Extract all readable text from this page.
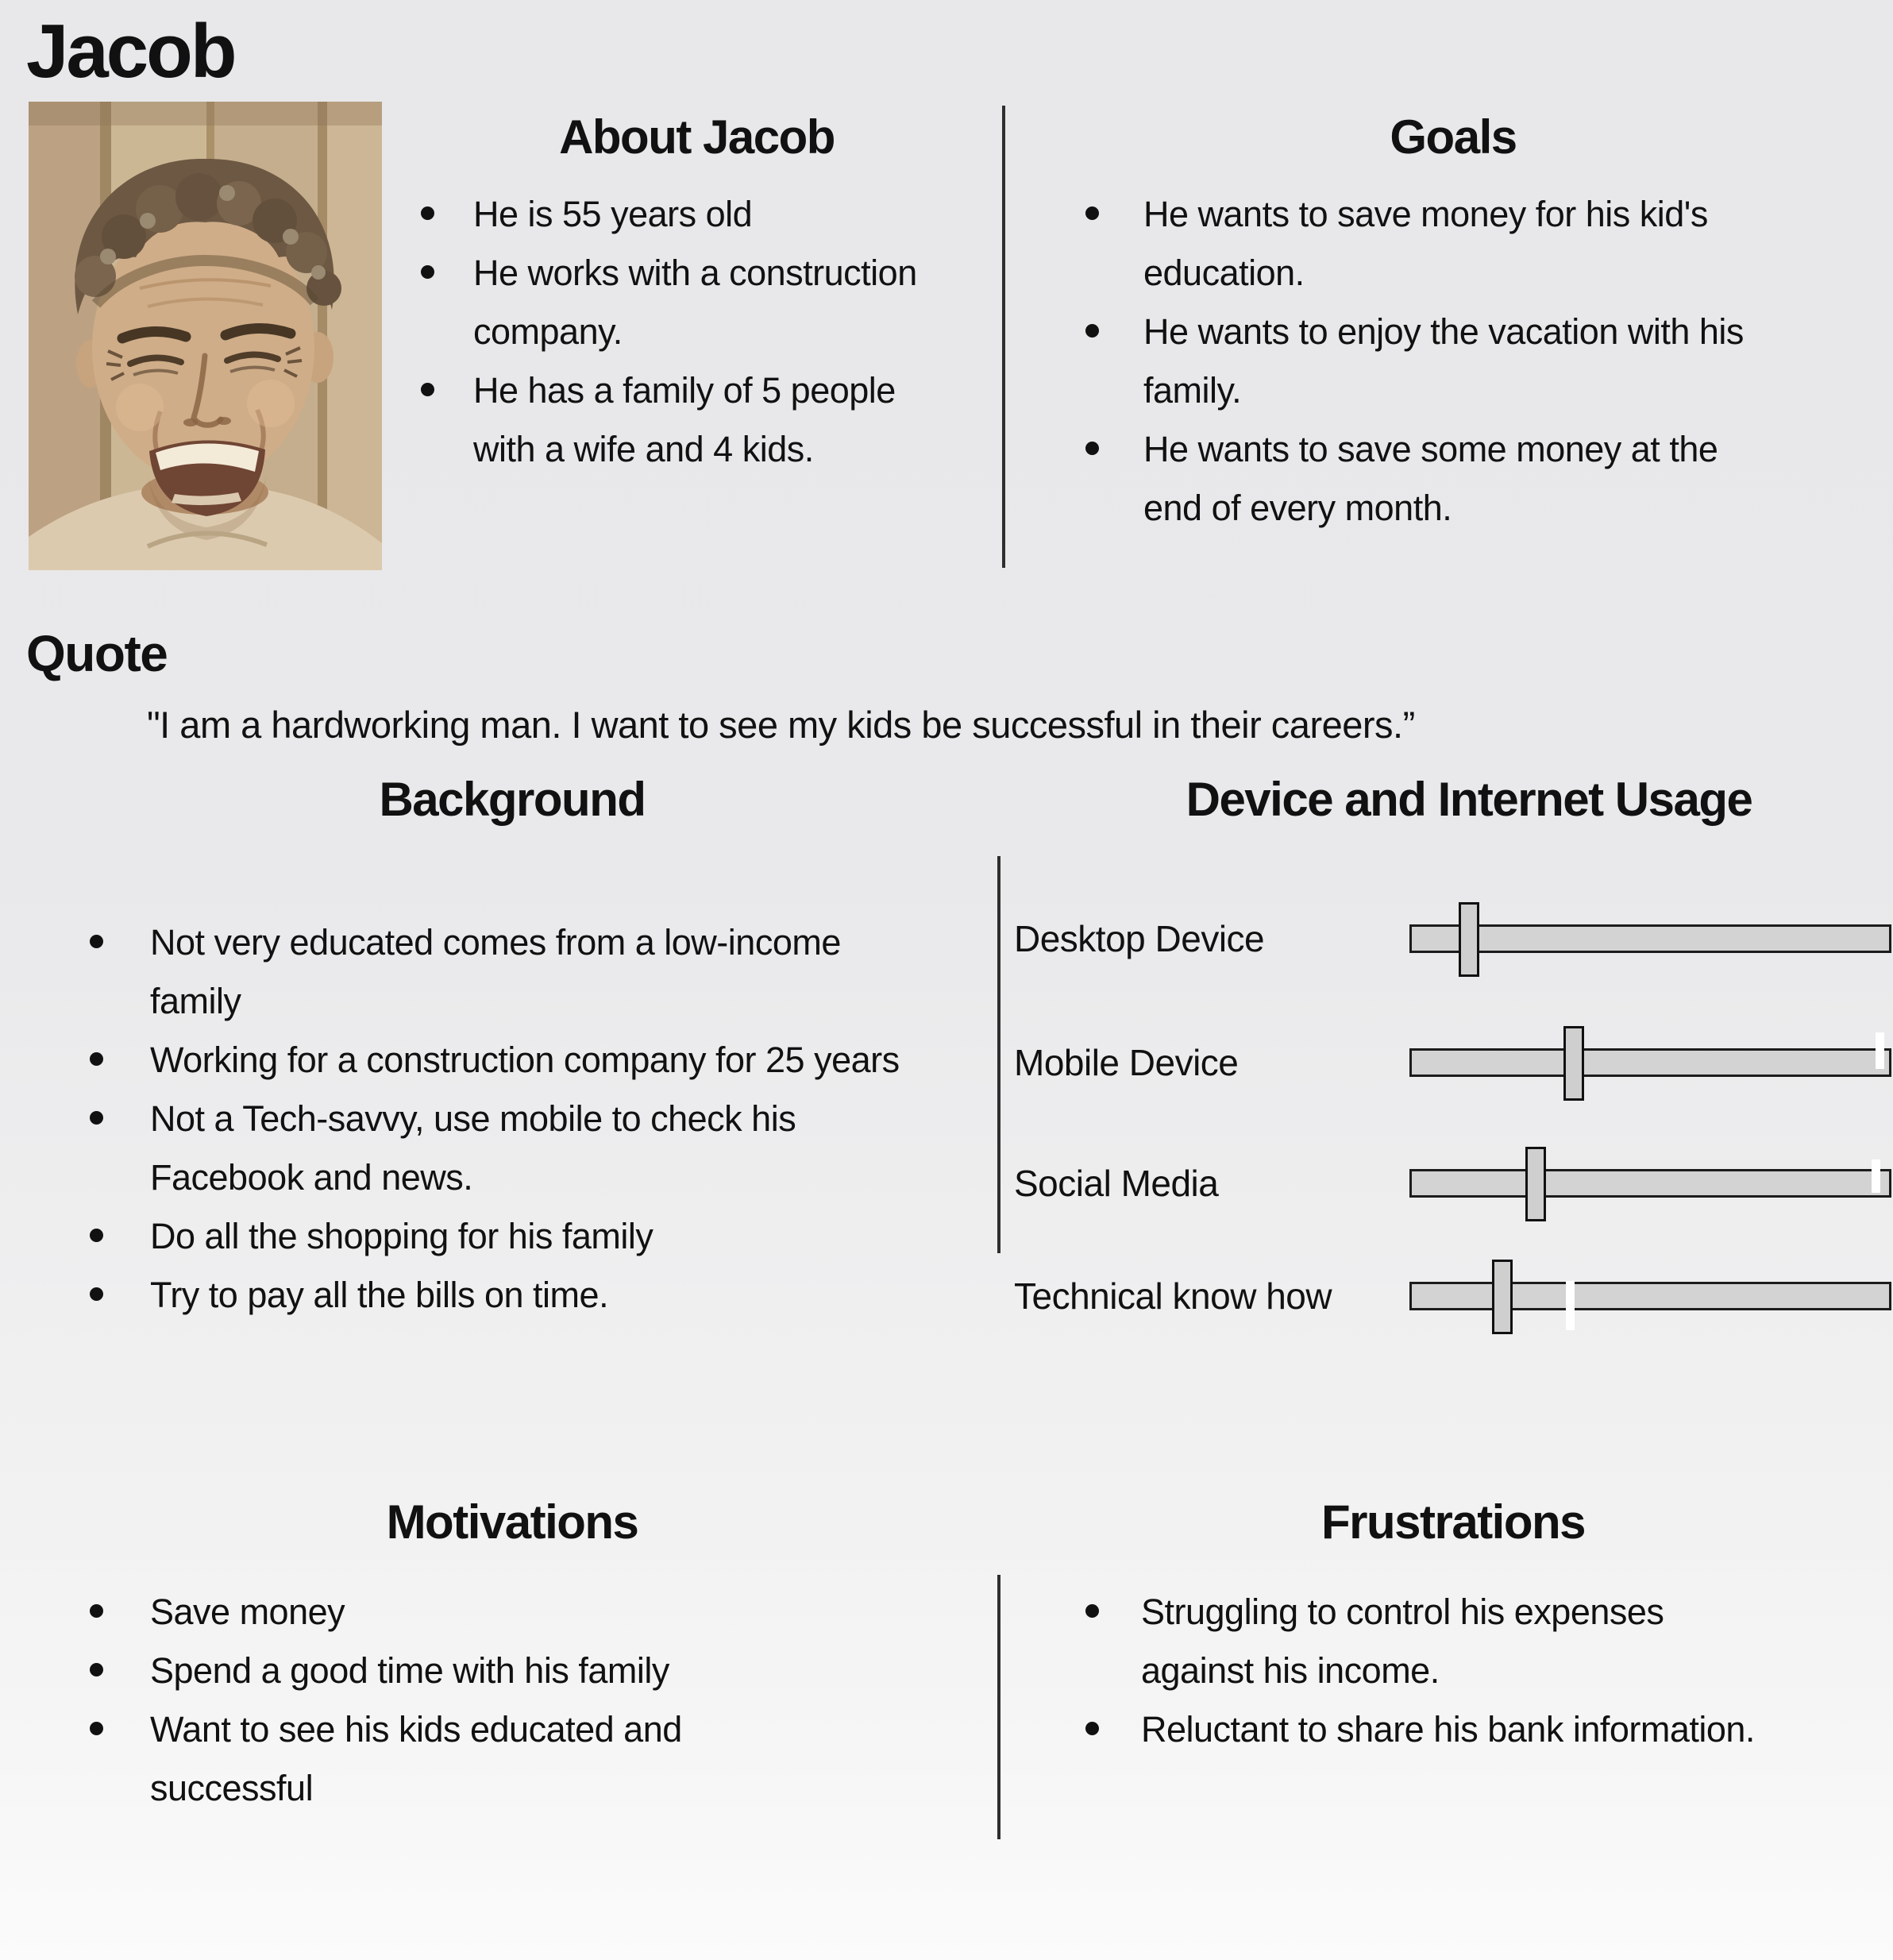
Jacob
About Jacob
He is 55 years old
He works with a construction company.
He has a family of 5 people with a wife and 4 kids.
Goals
He wants to save money for his kid's education.
He wants to enjoy the vacation with his family.
He wants to save some money at the end of every month.
Quote
"I am a hardworking man. I want to see my kids be successful in their careers.”
Background
Not very educated comes from a low-income family
Working for a construction company for 25 years
Not a Tech-savvy, use mobile to check his Facebook and news.
Do all the shopping for his family
Try to pay all the bills on time.
Device and Internet Usage
Desktop Device
Mobile Device
Social Media
Technical know how
Motivations
Save money
Spend a good time with his family
Want to see his kids educated and successful
Frustrations
Struggling to control his expenses against his income.
Reluctant to share his bank information.
